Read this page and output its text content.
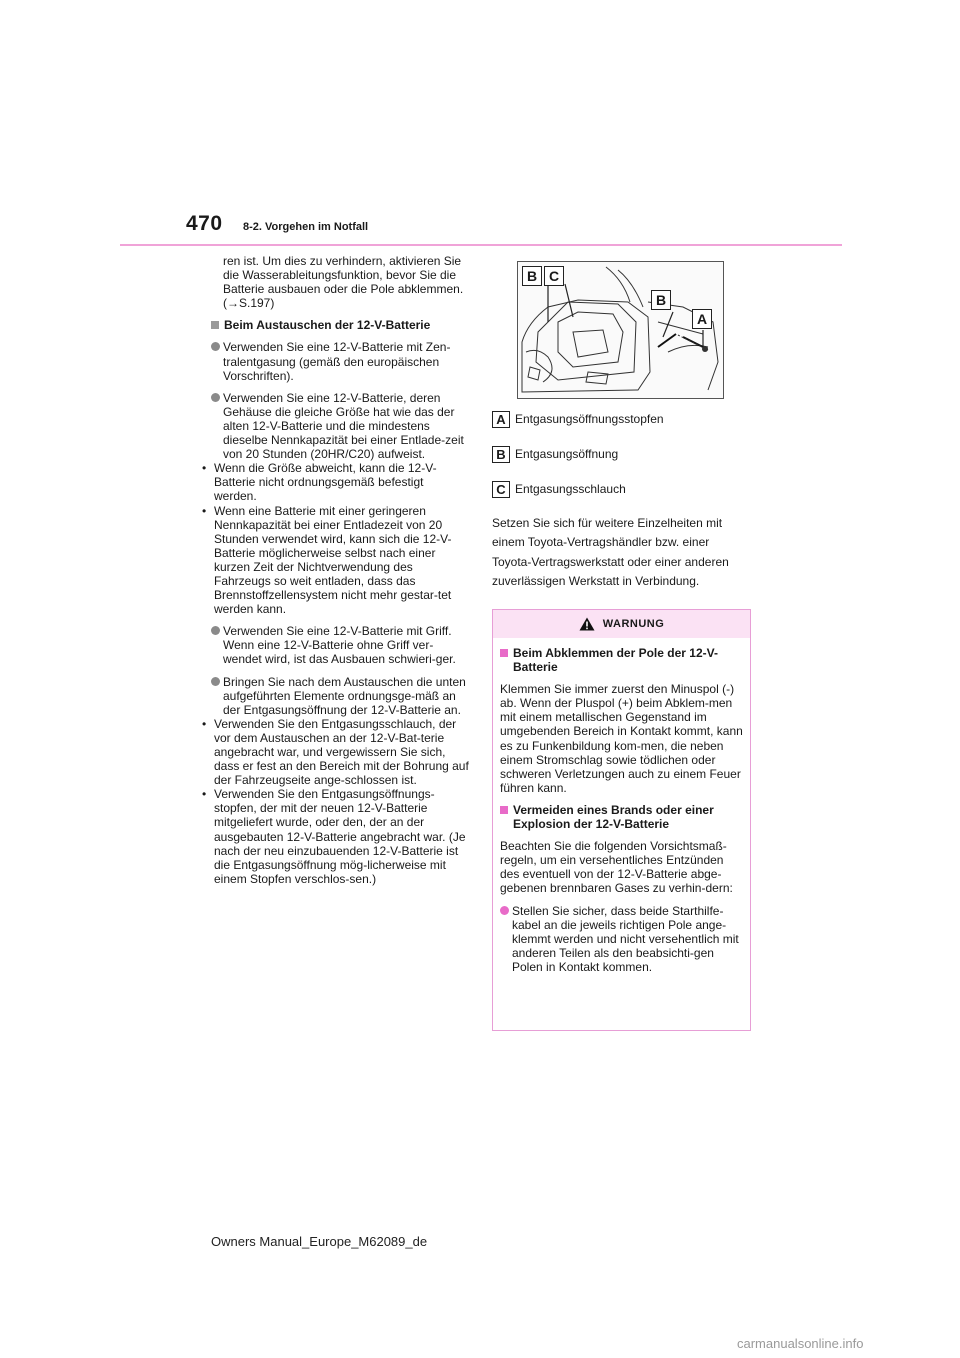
470 8-2. Vorgehen im Notfall

ren ist. Um dies zu verhindern, aktivieren Sie die Wasserableitungsfunktion, bevor Sie die Batterie ausbauen oder die Pole abklemmen. (→S.197)

Beim Austauschen der 12-V-Batterie

Verwenden Sie eine 12-V-Batterie mit Zen-tralentgasung (gemäß den europäischen Vorschriften).

Verwenden Sie eine 12-V-Batterie, deren Gehäuse die gleiche Größe hat wie das der alten 12-V-Batterie und die mindestens dieselbe Nennkapazität bei einer Entlade-zeit von 20 Stunden (20HR/C20) aufweist.

• Wenn die Größe abweicht, kann die 12-V-Batterie nicht ordnungsgemäß befestigt werden.
• Wenn eine Batterie mit einer geringeren Nennkapazität bei einer Entladezeit von 20 Stunden verwendet wird, kann sich die 12-V-Batterie möglicherweise selbst nach einer kurzen Zeit der Nichtverwendung des Fahrzeugs so weit entladen, dass das Brennstoffzellensystem nicht mehr gestar-tet werden kann.

Verwenden Sie eine 12-V-Batterie mit Griff. Wenn eine 12-V-Batterie ohne Griff ver-wendet wird, ist das Ausbauen schwieri-ger.

Bringen Sie nach dem Austauschen die unten aufgeführten Elemente ordnungsge-mäß an der Entgasungsöffnung der 12-V-Batterie an.

• Verwenden Sie den Entgasungsschlauch, der vor dem Austauschen an der 12-V-Bat-terie angebracht war, und vergewissern Sie sich, dass er fest an den Bereich mit der Bohrung auf der Fahrzeugseite ange-schlossen ist.
• Verwenden Sie den Entgasungsöffnungs-stopfen, der mit der neuen 12-V-Batterie mitgeliefert wurde, oder den, der an der ausgebauten 12-V-Batterie angebracht war. (Je nach der neu einzubauenden 12-V-Batterie ist die Entgasungsöffnung mög-licherweise mit einem Stopfen verschlos-sen.)
B C
B
A
A Entgasungsöffnungsstopfen
B Entgasungsöffnung
C Entgasungsschlauch

Setzen Sie sich für weitere Einzelheiten mit einem Toyota-Vertragshändler bzw. einer Toyota-Vertragswerkstatt oder einer anderen zuverlässigen Werkstatt in Verbindung.

WARNUNG
Beim Abklemmen der Pole der 12-V-Batterie

Klemmen Sie immer zuerst den Minuspol (-) ab. Wenn der Pluspol (+) beim Abklem-men mit einem metallischen Gegenstand im umgebenden Bereich in Kontakt kommt, kann es zu Funkenbildung kom-men, die neben einem Stromschlag sowie tödlichen oder schweren Verletzungen auch zu einem Feuer führen kann.

Vermeiden eines Brands oder einer Explosion der 12-V-Batterie

Beachten Sie die folgenden Vorsichtsmaß-regeln, um ein versehentliches Entzünden des eventuell von der 12-V-Batterie abge-gebenen brennbaren Gases zu verhin-dern:

Stellen Sie sicher, dass beide Starthilfe-kabel an die jeweils richtigen Pole ange-klemmt werden und nicht versehentlich mit anderen Teilen als den beabsichti-gen Polen in Kontakt kommen.

Owners Manual_Europe_M62089_de
carmanualsonline.info
